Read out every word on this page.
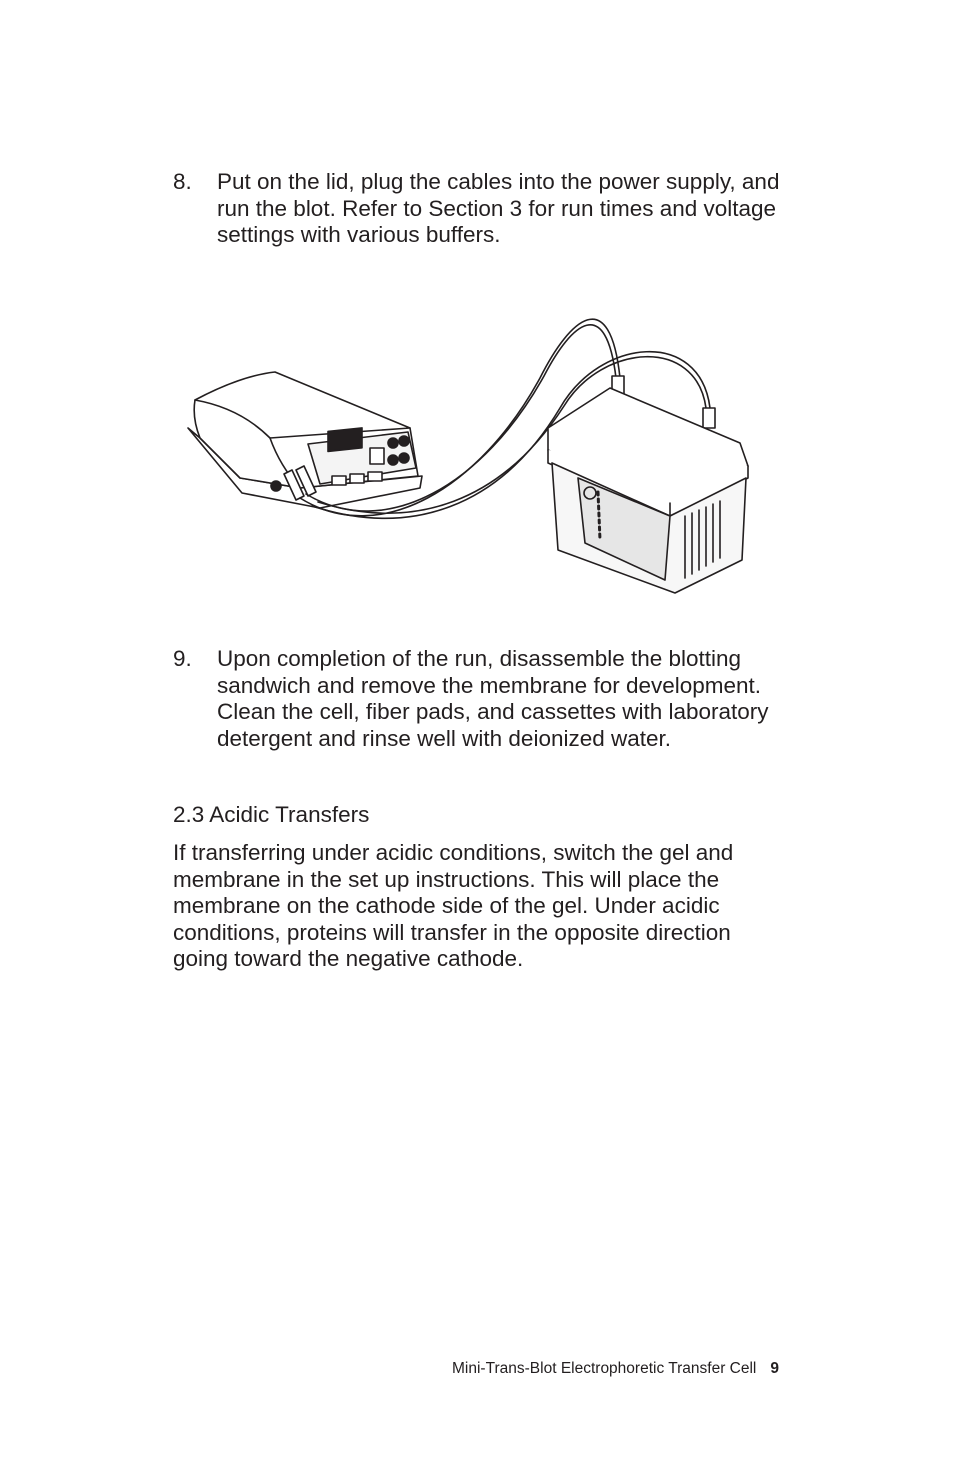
8. Put on the lid, plug the cables into the power supply, and run the blot. Refer to Section 3 for run times and voltage settings with various buffers.
9. Upon completion of the run, disassemble the blotting sandwich and remove the membrane for development. Clean the cell, fiber pads, and cassettes with laboratory detergent and rinse well with deionized water.
2.3 Acidic Transfers
If transferring under acidic conditions, switch the gel and membrane in the set up instructions. This will place the membrane on the cathode side of the gel. Under acidic conditions, proteins will transfer in the opposite direction going toward the negative cathode.
Mini-Trans-Blot Electrophoretic Transfer Cell 9
